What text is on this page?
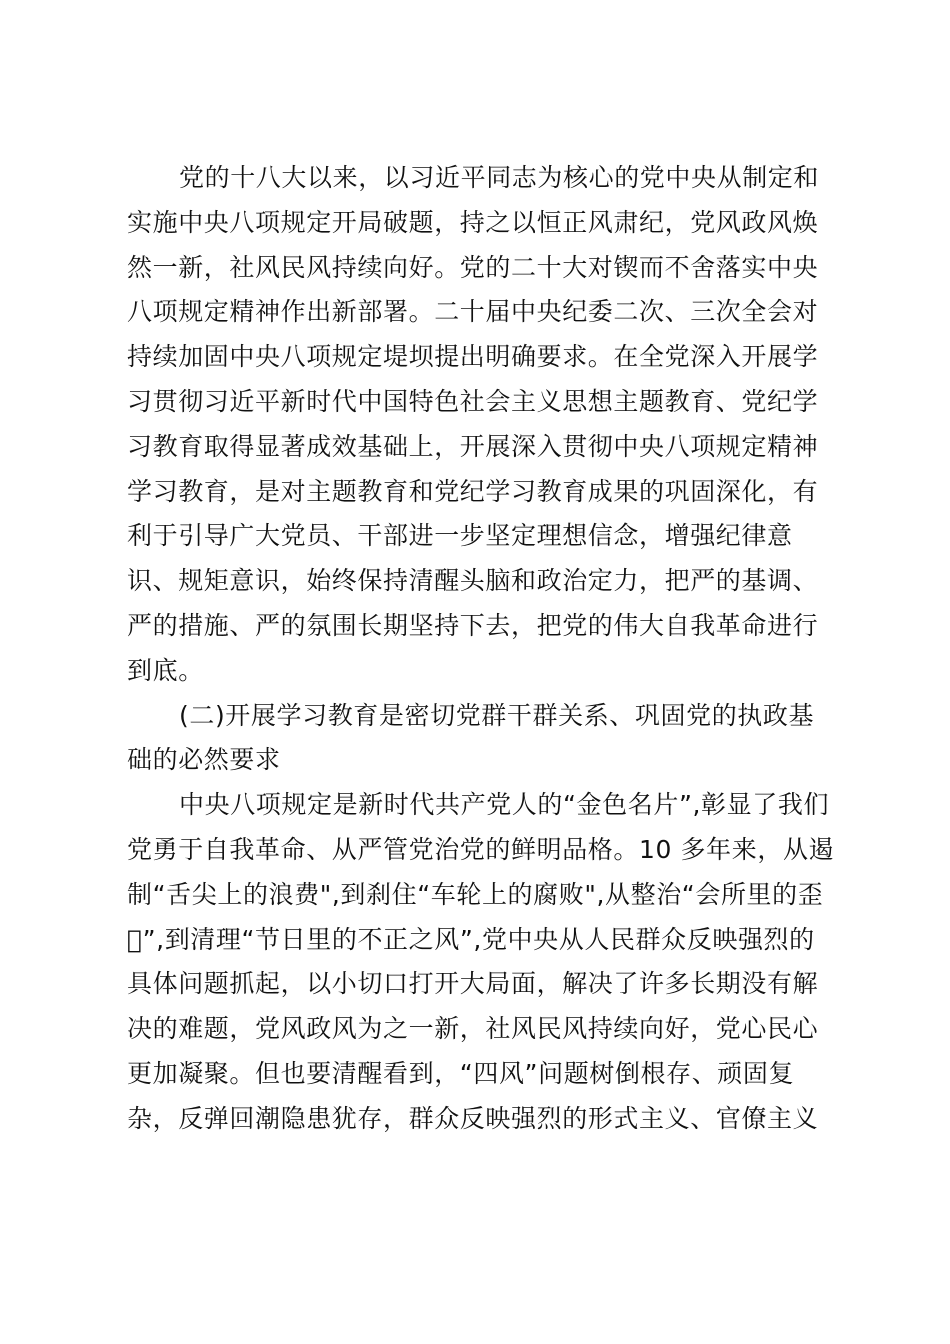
党的十八大以来，以习近平同志为核心的党中央从制定和
实施中央八项规定开局破题，持之以恒正风肃纪，党风政风焕
然一新，社风民风持续向好。党的二十大对锲而不舍落实中央
八项规定精神作出新部署。二十届中央纪委二次、三次全会对
持续加固中央八项规定堤坝提出明确要求。在全党深入开展学
习贯彻习近平新时代中国特色社会主义思想主题教育、党纪学
习教育取得显著成效基础上，开展深入贯彻中央八项规定精神
学习教育，是对主题教育和党纪学习教育成果的巩固深化，有
利于引导广大党员、干部进一步坚定理想信念，增强纪律意
识、规矩意识，始终保持清醒头脑和政治定力，把严的基调、
严的措施、严的氛围长期坚持下去，把党的伟大自我革命进行
到底。
(二)开展学习教育是密切党群干群关系、巩固党的执政基
础的必然要求
中央八项规定是新时代共产党人的“金色名片”,彰显了我们
党勇于自我革命、从严管党治党的鲜明品格。10 多年来，从遏
制“舌尖上的浪费",到刹住“车轮上的腐败",从整治“会所里的歪
􏰀”,到清理“节日里的不正之风”,党中央从人民群众反映强烈的
具体问题抓起，以小切口打开大局面，解决了许多长期没有解
决的难题，党风政风为之一新，社风民风持续向好，党心民心
更加凝聚。但也要清醒看到，“四风”问题树倒根存、顽固复
杂，反弹回潮隐患犹存，群众反映强烈的形式主义、官僚主义
